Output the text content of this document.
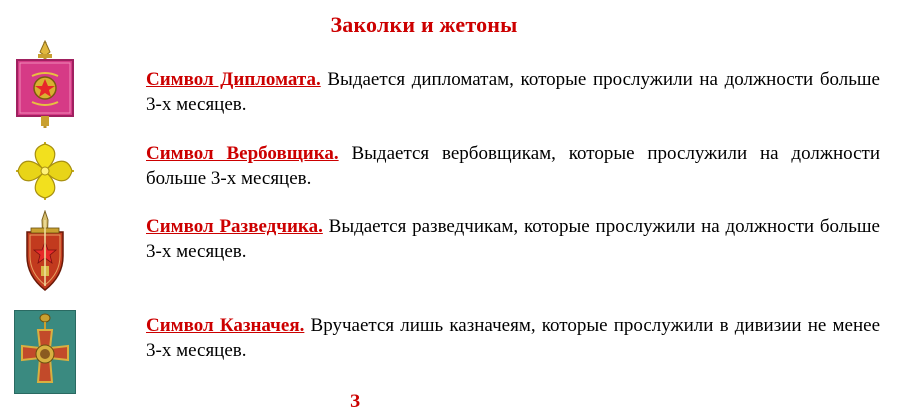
Заколки и жетоны
Символ Дипломата. Выдается дипломатам, которые прослужили на должности больше 3-х месяцев.
Символ Вербовщика. Выдается вербовщикам, которые прослужили на должности больше 3-х месяцев.
Символ Разведчика. Выдается разведчикам, которые прослужили на должности больше 3-х месяцев.
Символ Казначея. Вручается лишь казначеям, которые прослужили в дивизии не менее 3-х месяцев.
З
